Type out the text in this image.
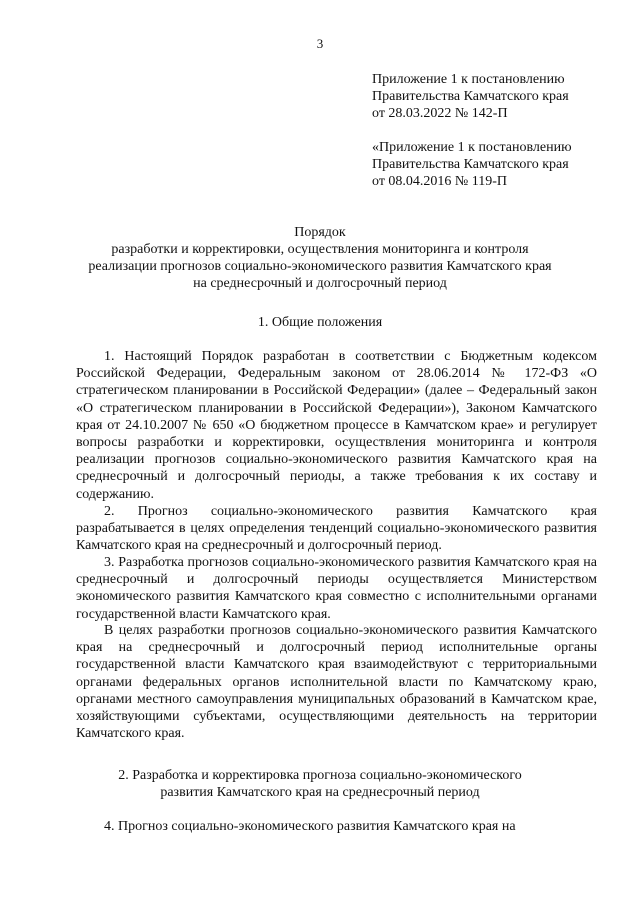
3
Приложение 1 к постановлению
Правительства Камчатского края
от 28.03.2022 № 142-П
«Приложение 1 к постановлению
Правительства Камчатского края
от 08.04.2016 № 119-П
Порядок
разработки и корректировки, осуществления мониторинга и контроля
реализации прогнозов социально-экономического развития Камчатского края
на среднесрочный и долгосрочный период
1. Общие положения
1. Настоящий Порядок разработан в соответствии с Бюджетным кодексом Российской Федерации, Федеральным законом от 28.06.2014 № 172-ФЗ «О стратегическом планировании в Российской Федерации» (далее – Федеральный закон «О стратегическом планировании в Российской Федерации»), Законом Камчатского края от 24.10.2007 № 650 «О бюджетном процессе в Камчатском крае» и регулирует вопросы разработки и корректировки, осуществления мониторинга и контроля реализации прогнозов социально-экономического развития Камчатского края на среднесрочный и долгосрочный периоды, а также требования к их составу и содержанию.
2. Прогноз социально-экономического развития Камчатского края разрабатывается в целях определения тенденций социально-экономического развития Камчатского края на среднесрочный и долгосрочный период.
3. Разработка прогнозов социально-экономического развития Камчатского края на среднесрочный и долгосрочный периоды осуществляется Министерством экономического развития Камчатского края совместно с исполнительными органами государственной власти Камчатского края.
В целях разработки прогнозов социально-экономического развития Камчатского края на среднесрочный и долгосрочный период исполнительные органы государственной власти Камчатского края взаимодействуют с территориальными органами федеральных органов исполнительной власти по Камчатскому краю, органами местного самоуправления муниципальных образований в Камчатском крае, хозяйствующими субъектами, осуществляющими деятельность на территории Камчатского края.
2. Разработка и корректировка прогноза социально-экономического
развития Камчатского края на среднесрочный период
4. Прогноз социально-экономического развития Камчатского края на
